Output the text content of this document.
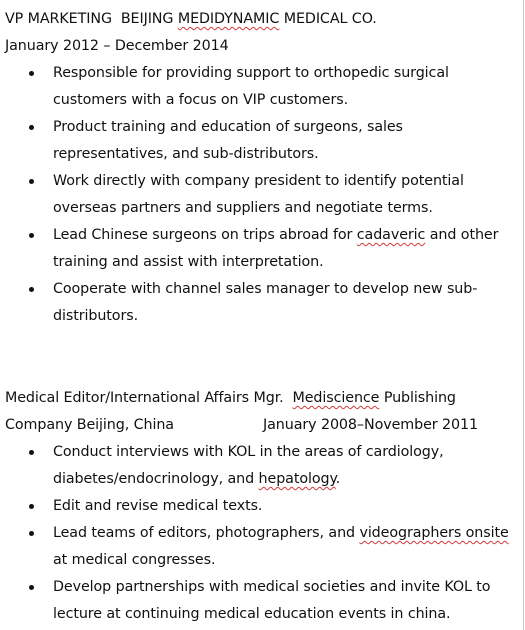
VP MARKETING  BEIJING MEDIDYNAMIC MEDICAL CO.
January 2012 – December 2014
Responsible for providing support to orthopedic surgical customers with a focus on VIP customers.
Product training and education of surgeons, sales representatives, and sub-distributors.
Work directly with company president to identify potential overseas partners and suppliers and negotiate terms.
Lead Chinese surgeons on trips abroad for cadaveric and other training and assist with interpretation.
Cooperate with channel sales manager to develop new sub-distributors.
Medical Editor/International Affairs Mgr.  Mediscience Publishing
Company Beijing, China	January 2008–November 2011
Conduct interviews with KOL in the areas of cardiology, diabetes/endocrinology, and hepatology.
Edit and revise medical texts.
Lead teams of editors, photographers, and videographers onsite at medical congresses.
Develop partnerships with medical societies and invite KOL to lecture at continuing medical education events in china.
